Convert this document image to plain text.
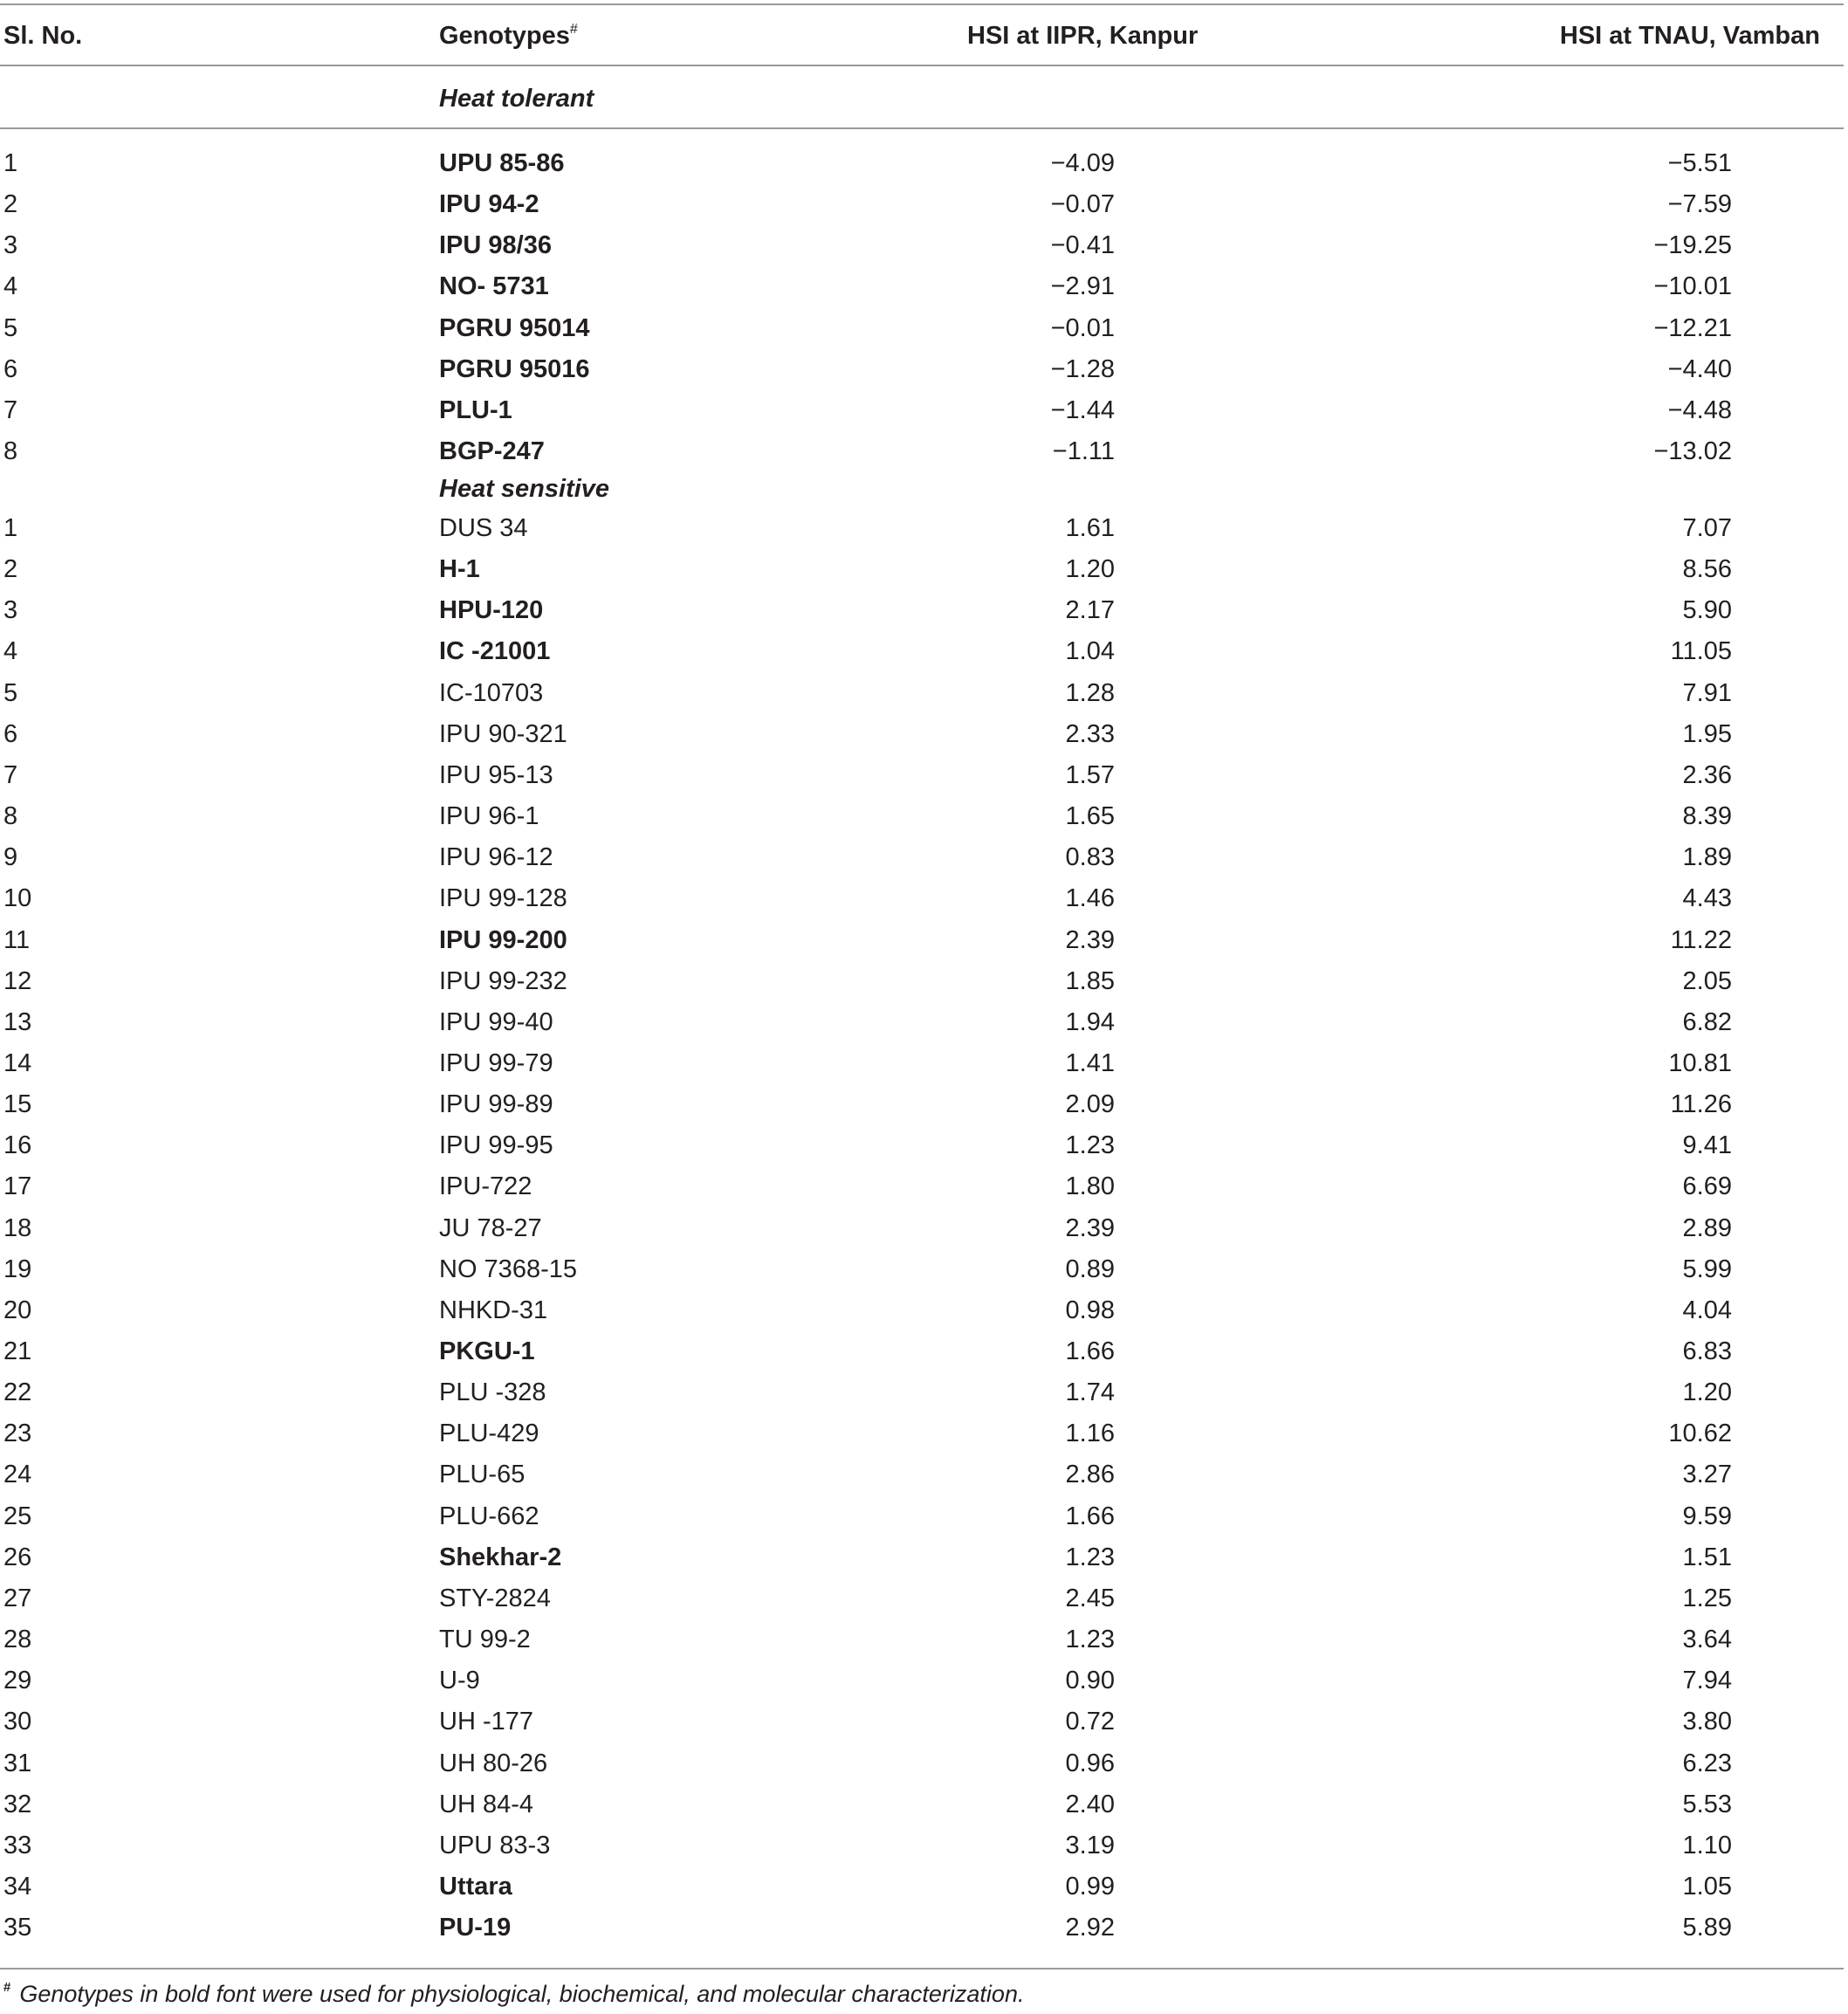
Sl. No.	Genotypes#	HSI at IIPR, Kanpur	HSI at TNAU, Vamban
Heat tolerant
1	UPU 85-86	−4.09	−5.51
2	IPU 94-2	−0.07	−7.59
3	IPU 98/36	−0.41	−19.25
4	NO- 5731	−2.91	−10.01
5	PGRU 95014	−0.01	−12.21
6	PGRU 95016	−1.28	−4.40
7	PLU-1	−1.44	−4.48
8	BGP-247	−1.11	−13.02
Heat sensitive
1	DUS 34	1.61	7.07
2	H-1	1.20	8.56
3	HPU-120	2.17	5.90
4	IC -21001	1.04	11.05
5	IC-10703	1.28	7.91
6	IPU 90-321	2.33	1.95
7	IPU 95-13	1.57	2.36
8	IPU 96-1	1.65	8.39
9	IPU 96-12	0.83	1.89
10	IPU 99-128	1.46	4.43
11	IPU 99-200	2.39	11.22
12	IPU 99-232	1.85	2.05
13	IPU 99-40	1.94	6.82
14	IPU 99-79	1.41	10.81
15	IPU 99-89	2.09	11.26
16	IPU 99-95	1.23	9.41
17	IPU-722	1.80	6.69
18	JU 78-27	2.39	2.89
19	NO 7368-15	0.89	5.99
20	NHKD-31	0.98	4.04
21	PKGU-1	1.66	6.83
22	PLU -328	1.74	1.20
23	PLU-429	1.16	10.62
24	PLU-65	2.86	3.27
25	PLU-662	1.66	9.59
26	Shekhar-2	1.23	1.51
27	STY-2824	2.45	1.25
28	TU 99-2	1.23	3.64
29	U-9	0.90	7.94
30	UH -177	0.72	3.80
31	UH 80-26	0.96	6.23
32	UH 84-4	2.40	5.53
33	UPU 83-3	3.19	1.10
34	Uttara	0.99	1.05
35	PU-19	2.92	5.89
# Genotypes in bold font were used for physiological, biochemical, and molecular characterization.
